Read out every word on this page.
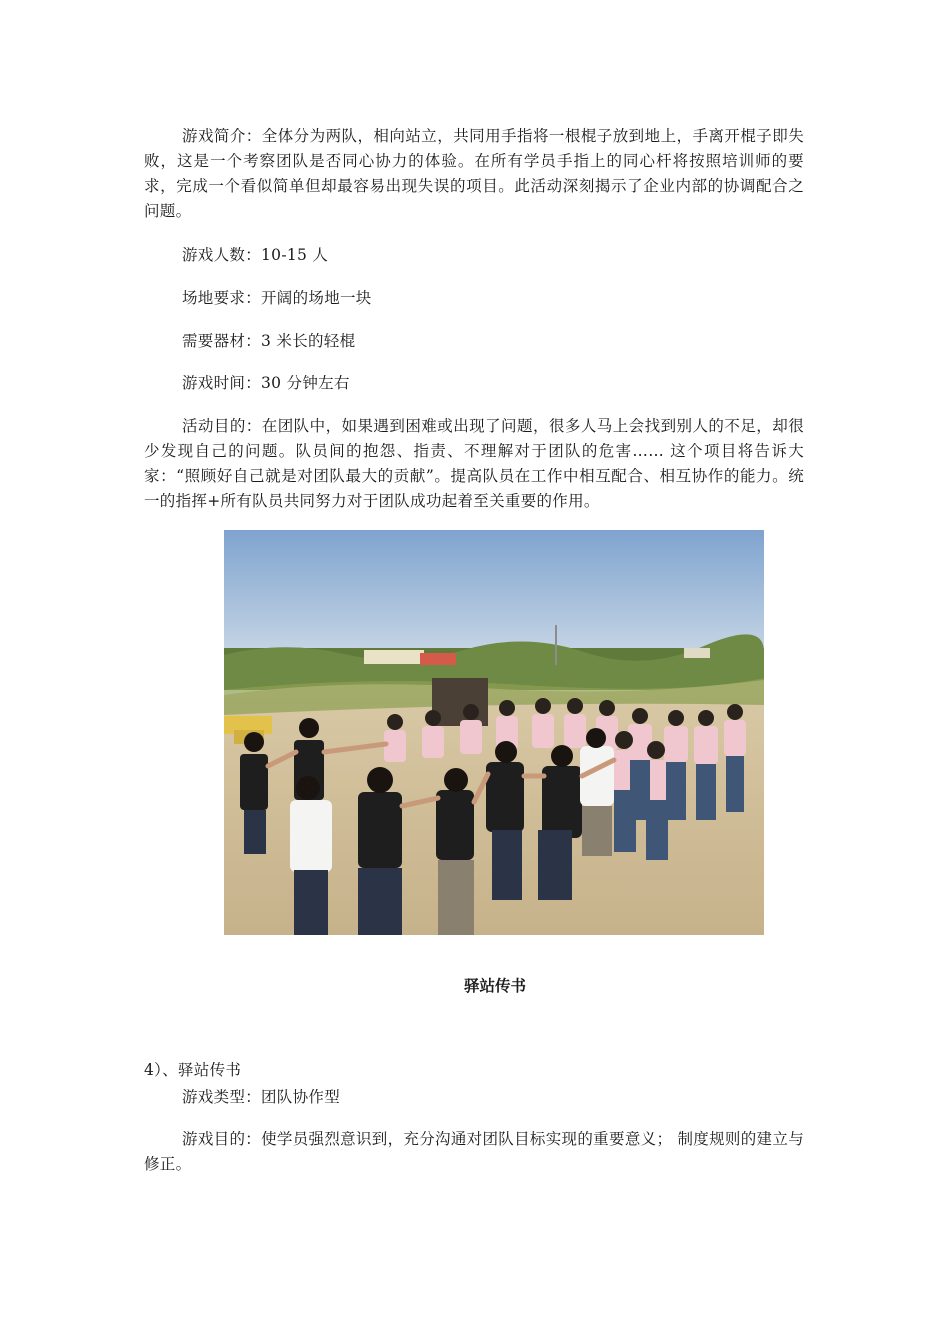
游戏简介：全体分为两队，相向站立，共同用手指将一根棍子放到地上，手离开棍子即失败，这是一个考察团队是否同心协力的体验。在所有学员手指上的同心杆将按照培训师的要求，完成一个看似简单但却最容易出现失误的项目。此活动深刻揭示了企业内部的协调配合之问题。

游戏人数：10-15 人

场地要求：开阔的场地一块

需要器材：3 米长的轻棍

游戏时间：30 分钟左右

活动目的：在团队中，如果遇到困难或出现了问题，很多人马上会找到别人的不足，却很少发现自己的问题。队员间的抱怨、指责、不理解对于团队的危害…… 这个项目将告诉大家：“照顾好自己就是对团队最大的贡献”。提高队员在工作中相互配合、相互协作的能力。统一的指挥+所有队员共同努力对于团队成功起着至关重要的作用。

驿站传书

4）、驿站传书

游戏类型：团队协作型

游戏目的：使学员强烈意识到，充分沟通对团队目标实现的重要意义； 制度规则的建立与修正。
